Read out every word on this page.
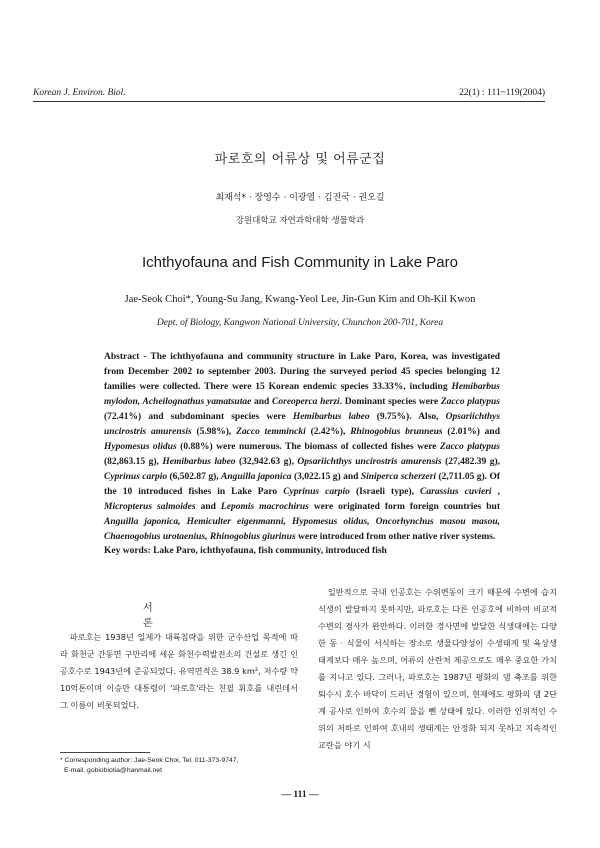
Korean J. Environ. Biol.	22(1) : 111~119(2004)
파로호의 어류상 및 어류군집
최재석* · 장영수 · 이광열 · 김진국 · 권오길
강원대학교 자연과학대학 생물학과
Ichthyofauna and Fish Community in Lake Paro
Jae-Seok Choi*, Young-Su Jang, Kwang-Yeol Lee, Jin-Gun Kim and Oh-Kil Kwon
Dept. of Biology, Kangwon National University, Chunchon 200-701, Korea

Abstract - The ichthyofauna and community structure in Lake Paro, Korea, was investigated from December 2002 to september 2003. During the surveyed period 45 species belonging 12 families were collected. There were 15 Korean endemic species 33.33%, including Hemibarbus mylodon, Acheilognathus yamatsutae and Coreoperca herzi. Dominant species were Zacco platypus (72.41%) and subdominant species were Hemibarbus labeo (9.75%). Also, Opsariichthys uncirostris amurensis (5.98%), Zacco temmincki (2.42%), Rhinogobius brunneus (2.01%) and Hypomesus olidus (0.88%) were numerous. The biomass of collected fishes were Zacco platypus (82,863.15 g), Hemibarbus labeo (32,942.63 g), Opsariichthys uncirostris amurensis (27,482.39 g), Cyprinus carpio (6,502.87 g), Anguilla japonica (3,022.15 g) and Siniperca scherzeri (2,711.05 g). Of the 10 introduced fishes in Lake Paro Cyprinus carpio (Israeli type), Carassius cuvieri , Micropterus salmoides and Lepomis macrochirus were originated form foreign countries but Anguilla japonica, Hemiculter eigenmanni, Hypomesus olidus, Oncorhynchus masou masou, Chaenogobius urotaenius, Rhinogobius giurinus were introduced from other native river systems.

Key words: Lake Paro, ichthyofauna, fish community, introduced fish
서론

파로호는 1938년 일제가 대륙침략을 위한 군수산업 목적에 따라 화천군 간동면 구만리에 세운 화천수력발전소의 건설로 생긴 인공호수로 1943년에 준공되었다. 유역면적은 38.9 km², 저수량 약 10억톤이며 이승만 대통령이 '파로호'라는 친필 휘호를 내린데서 그 이름이 비롯되었다.

일반적으로 국내 인공호는 수위변동이 크기 때문에 수변에 습지식생이 발달하지 못하지만, 파로호는 다른 인공호에 비하여 비교적 수변의 경사가 완만하다. 이러한 경사면에 발달한 식생대에는 다양한 동 · 식물이 서식하는 장소로 생물다양성이 수생태계 및 육상생태계보다 매우 높으며, 어류의 산란처 제공으로도 매우 중요한 가치를 지니고 있다. 그러나, 파로호는 1987년 평화의 댐 축조를 위한 퇴수시 호수 바닥이 드러난 경험이 있으며, 현재에도 평화의 댐 2단계 공사로 인하여 호수의 물을 뺀 상태에 있다. 이러한 인위적인 수위의 저하로 인하여 호내의 생태계는 안정화 되지 못하고 지속적인 교란을 야기 시

* Corresponding author: Jae-Seok Choi, Tel. 011-373-9747,
E-mail. gobiobiotia@hanmail.net
— 111 —
